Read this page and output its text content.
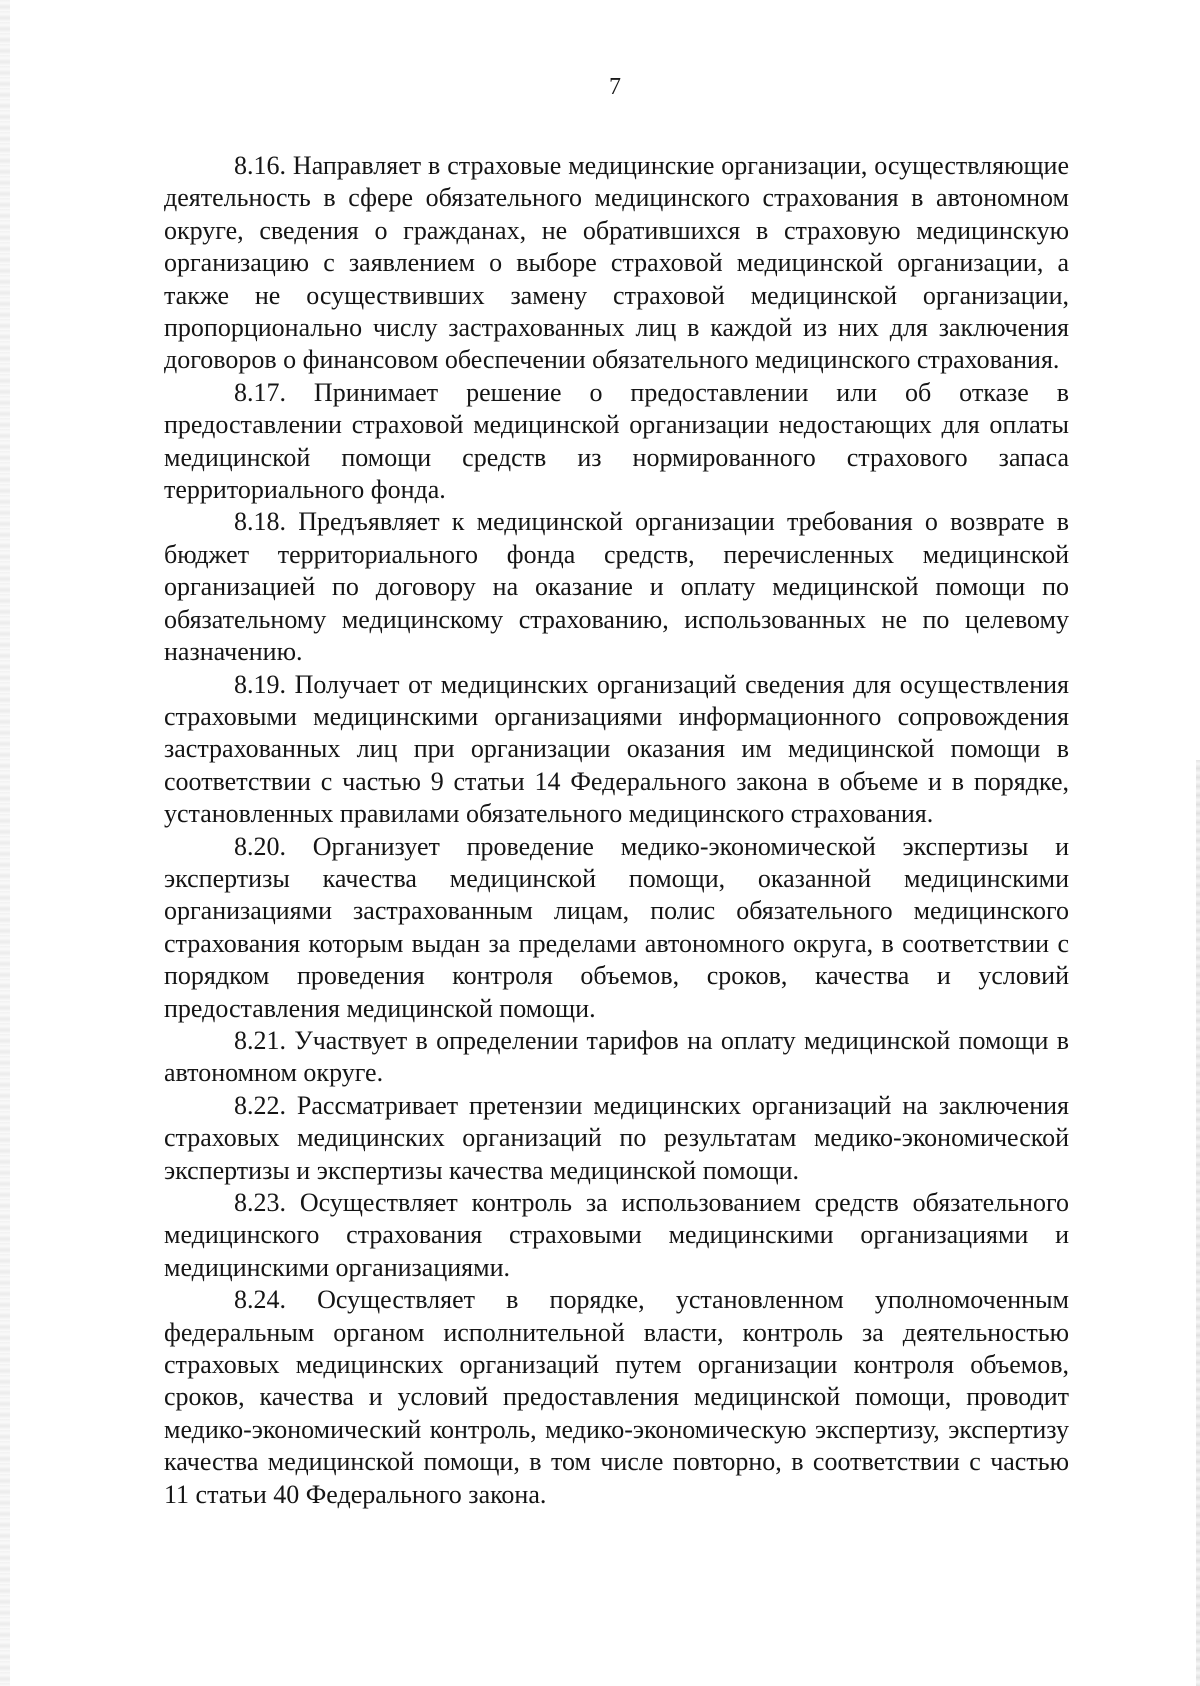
7

8.16. Направляет в страховые медицинские организации, осуществляющие деятельность в сфере обязательного медицинского страхования в автономном округе, сведения о гражданах, не обратившихся в страховую медицинскую организацию с заявлением о выборе страховой медицинской организации, а также не осуществивших замену страховой медицинской организации, пропорционально числу застрахованных лиц в каждой из них для заключения договоров о финансовом обеспечении обязательного медицинского страхования.

8.17. Принимает решение о предоставлении или об отказе в предоставлении страховой медицинской организации недостающих для оплаты медицинской помощи средств из нормированного страхового запаса территориального фонда.

8.18. Предъявляет к медицинской организации требования о возврате в бюджет территориального фонда средств, перечисленных медицинской организацией по договору на оказание и оплату медицинской помощи по обязательному медицинскому страхованию, использованных не по целевому назначению.

8.19. Получает от медицинских организаций сведения для осуществления страховыми медицинскими организациями информационного сопровождения застрахованных лиц при организации оказания им медицинской помощи в соответствии с частью 9 статьи 14 Федерального закона в объеме и в порядке, установленных правилами обязательного медицинского страхования.

8.20. Организует проведение медико-экономической экспертизы и экспертизы качества медицинской помощи, оказанной медицинскими организациями застрахованным лицам, полис обязательного медицинского страхования которым выдан за пределами автономного округа, в соответствии с порядком проведения контроля объемов, сроков, качества и условий предоставления медицинской помощи.

8.21. Участвует в определении тарифов на оплату медицинской помощи в автономном округе.

8.22. Рассматривает претензии медицинских организаций на заключения страховых медицинских организаций по результатам медико-экономической экспертизы и экспертизы качества медицинской помощи.

8.23. Осуществляет контроль за использованием средств обязательного медицинского страхования страховыми медицинскими организациями и медицинскими организациями.

8.24. Осуществляет в порядке, установленном уполномоченным федеральным органом исполнительной власти, контроль за деятельностью страховых медицинских организаций путем организации контроля объемов, сроков, качества и условий предоставления медицинской помощи, проводит медико-экономический контроль, медико-экономическую экспертизу, экспертизу качества медицинской помощи, в том числе повторно, в соответствии с частью 11 статьи 40 Федерального закона.
